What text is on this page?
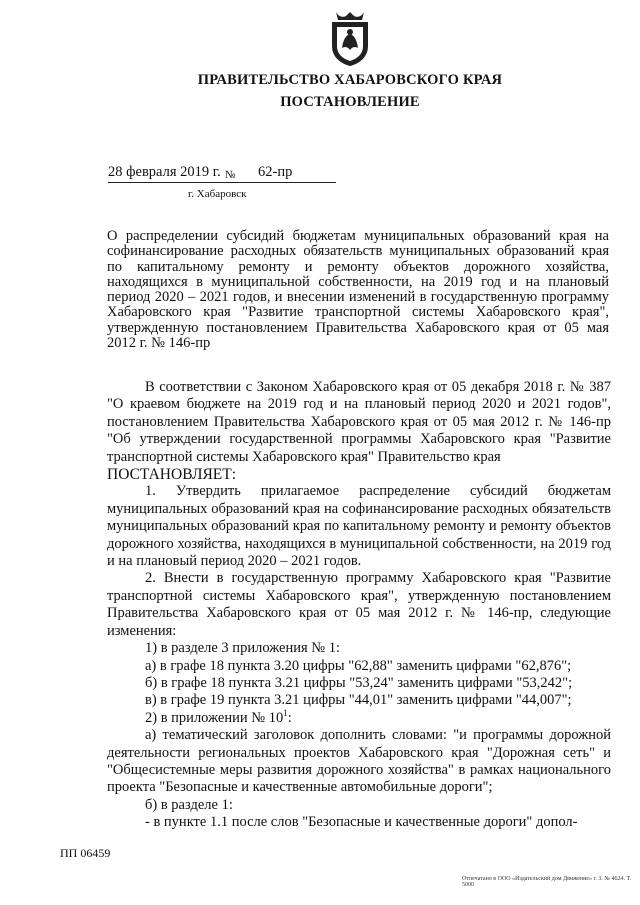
ПРАВИТЕЛЬСТВО ХАБАРОВСКОГО КРАЯ
ПОСТАНОВЛЕНИЕ
28 февраля 2019 г. № 62-пр
г. Хабаровск
О распределении субсидий бюджетам муниципальных образований края на софинансирование расходных обязательств муниципальных образований края по капитальному ремонту и ремонту объектов дорожного хозяйства, находящихся в муниципальной собственности, на 2019 год и на плановый период 2020 – 2021 годов, и внесении изменений в государственную программу Хабаровского края "Развитие транспортной системы Хабаровского края", утвержденную постановлением Правительства Хабаровского края от 05 мая 2012 г. № 146-пр

В соответствии с Законом Хабаровского края от 05 декабря 2018 г. № 387 "О краевом бюджете на 2019 год и на плановый период 2020 и 2021 годов", постановлением Правительства Хабаровского края от 05 мая 2012 г. № 146-пр "Об утверждении государственной программы Хабаровского края "Развитие транспортной системы Хабаровского края" Правительство края

ПОСТАНОВЛЯЕТ:

1. Утвердить прилагаемое распределение субсидий бюджетам муниципальных образований края на софинансирование расходных обязательств муниципальных образований края по капитальному ремонту и ремонту объектов дорожного хозяйства, находящихся в муниципальной собственности, на 2019 год и на плановый период 2020 – 2021 годов.

2. Внести в государственную программу Хабаровского края "Развитие транспортной системы Хабаровского края", утвержденную постановлением Правительства Хабаровского края от 05 мая 2012 г. № 146-пр, следующие изменения:

1) в разделе 3 приложения № 1:

а) в графе 18 пункта 3.20 цифры "62,88" заменить цифрами "62,876";

б) в графе 18 пункта 3.21 цифры "53,24" заменить цифрами "53,242";

в) в графе 19 пункта 3.21 цифры "44,01" заменить цифрами "44,007";

2) в приложении № $10^1$:

а) тематический заголовок дополнить словами: "и программы дорожной деятельности региональных проектов Хабаровского края "Дорожная сеть" и "Общесистемные меры развития дорожного хозяйства" в рамках национального проекта "Безопасные и качественные автомобильные дороги";

б) в разделе 1:

- в пункте 1.1 после слов "Безопасные и качественные дороги" допол-

ПП 06459
Отпечатано в ООО «Издательский дом Движение» г. 3. № 4624. Т. 5000
